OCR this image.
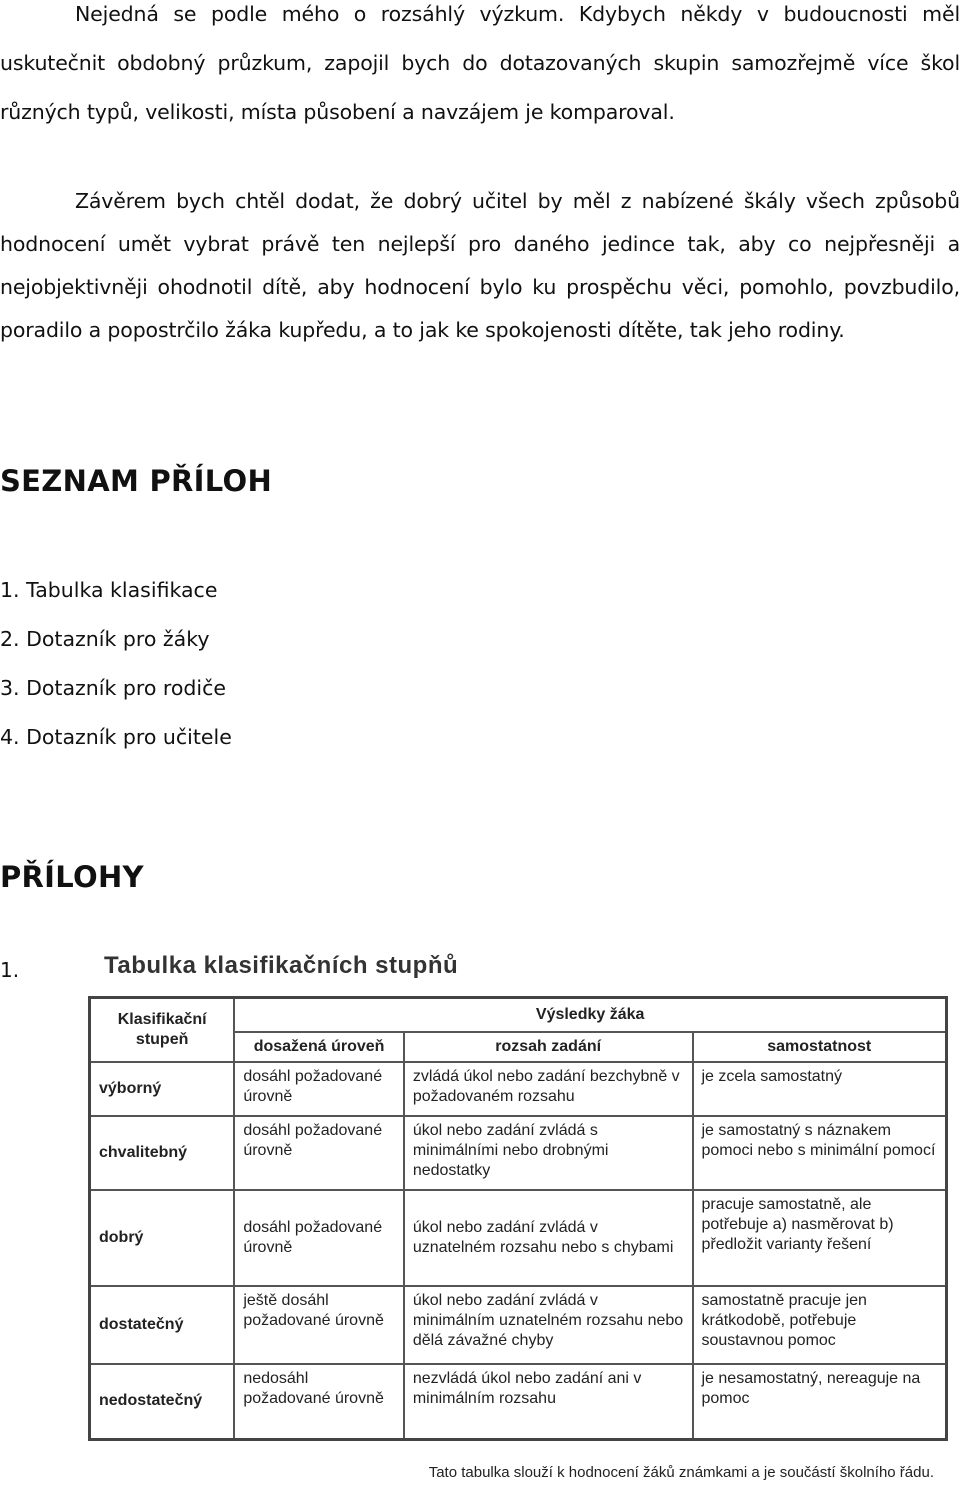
Nejedná se podle mého o rozsáhlý výzkum. Kdybych někdy v budoucnosti měl uskutečnit obdobný průzkum, zapojil bych do dotazovaných skupin samozřejmě více škol různých typů, velikosti, místa působení a navzájem je komparoval.
Závěrem bych chtěl dodat, že dobrý učitel by měl z nabízené škály všech způsobů hodnocení umět vybrat právě ten nejlepší pro daného jedince tak, aby co nejpřesněji a nejobjektivněji ohodnotil dítě, aby hodnocení bylo ku prospěchu věci, pomohlo, povzbudilo, poradilo a popostrčilo žáka kupředu, a to jak ke spokojenosti dítěte, tak jeho rodiny.
SEZNAM PŘÍLOH
1. Tabulka klasifikace
2. Dotazník pro žáky
3. Dotazník pro rodiče
4. Dotazník pro učitele
PŘÍLOHY
1.	Tabulka klasifikačních stupňů
Klasifikační stupeň	Výsledky žáka		
	dosažená úroveň	rozsah zadání	samostatnost
výborný	dosáhl požadované úrovně	zvládá úkol nebo zadání bezchybně v požadovaném rozsahu	je zcela samostatný
chvalitebný	dosáhl požadované úrovně	úkol nebo zadání zvládá s minimálními nebo drobnými nedostatky	je samostatný s náznakem pomoci nebo s minimální pomocí
dobrý	dosáhl požadované úrovně	úkol nebo zadání zvládá v uznatelném rozsahu nebo s chybami	pracuje samostatně, ale potřebuje a) nasměrovat b) předložit varianty řešení
dostatečný	ještě dosáhl požadované úrovně	úkol nebo zadání zvládá v minimálním uznatelném rozsahu nebo dělá závažné chyby	samostatně pracuje jen krátkodobě, potřebuje soustavnou pomoc
nedostatečný	nedosáhl požadované úrovně	nezvládá úkol nebo zadání ani v minimálním rozsahu	je nesamostatný, nereaguje na pomoc
Tato tabulka slouží k hodnocení žáků známkami a je součástí školního řádu.
